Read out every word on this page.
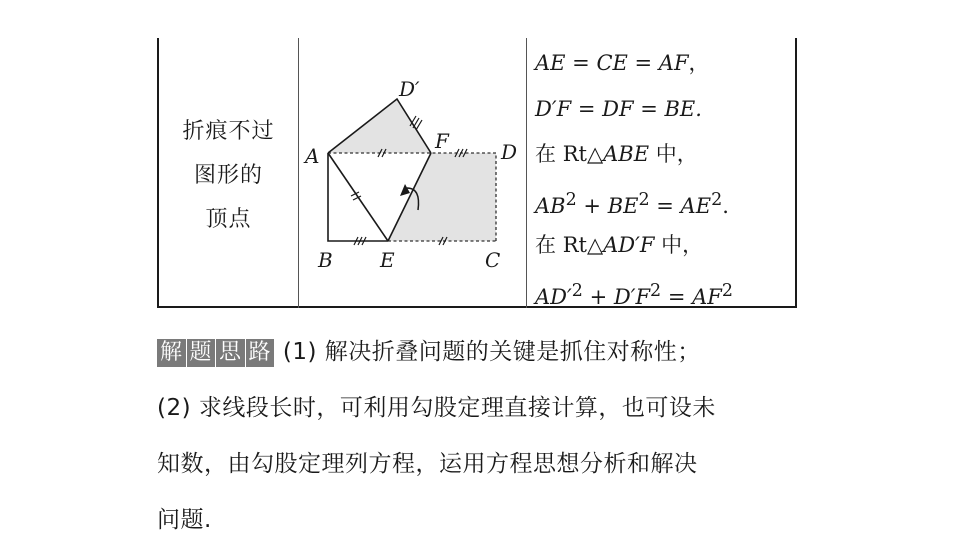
折痕不过
图形的
顶点
D′
A
F	D
B E	C
AE = CE = AF，
D′F = DF = BE.
在 Rt△ABE 中，
$AB^2 + BE^2 = AE^2$.
在 Rt△AD′F 中，
$AD'^2 + D'F^2 = AF^2$
解 题 思 路 (1) 解决折叠问题的关键是抓住对称性；
(2) 求线段长时，可利用勾股定理直接计算，也可设未
知数，由勾股定理列方程，运用方程思想分析和解决
问题.
